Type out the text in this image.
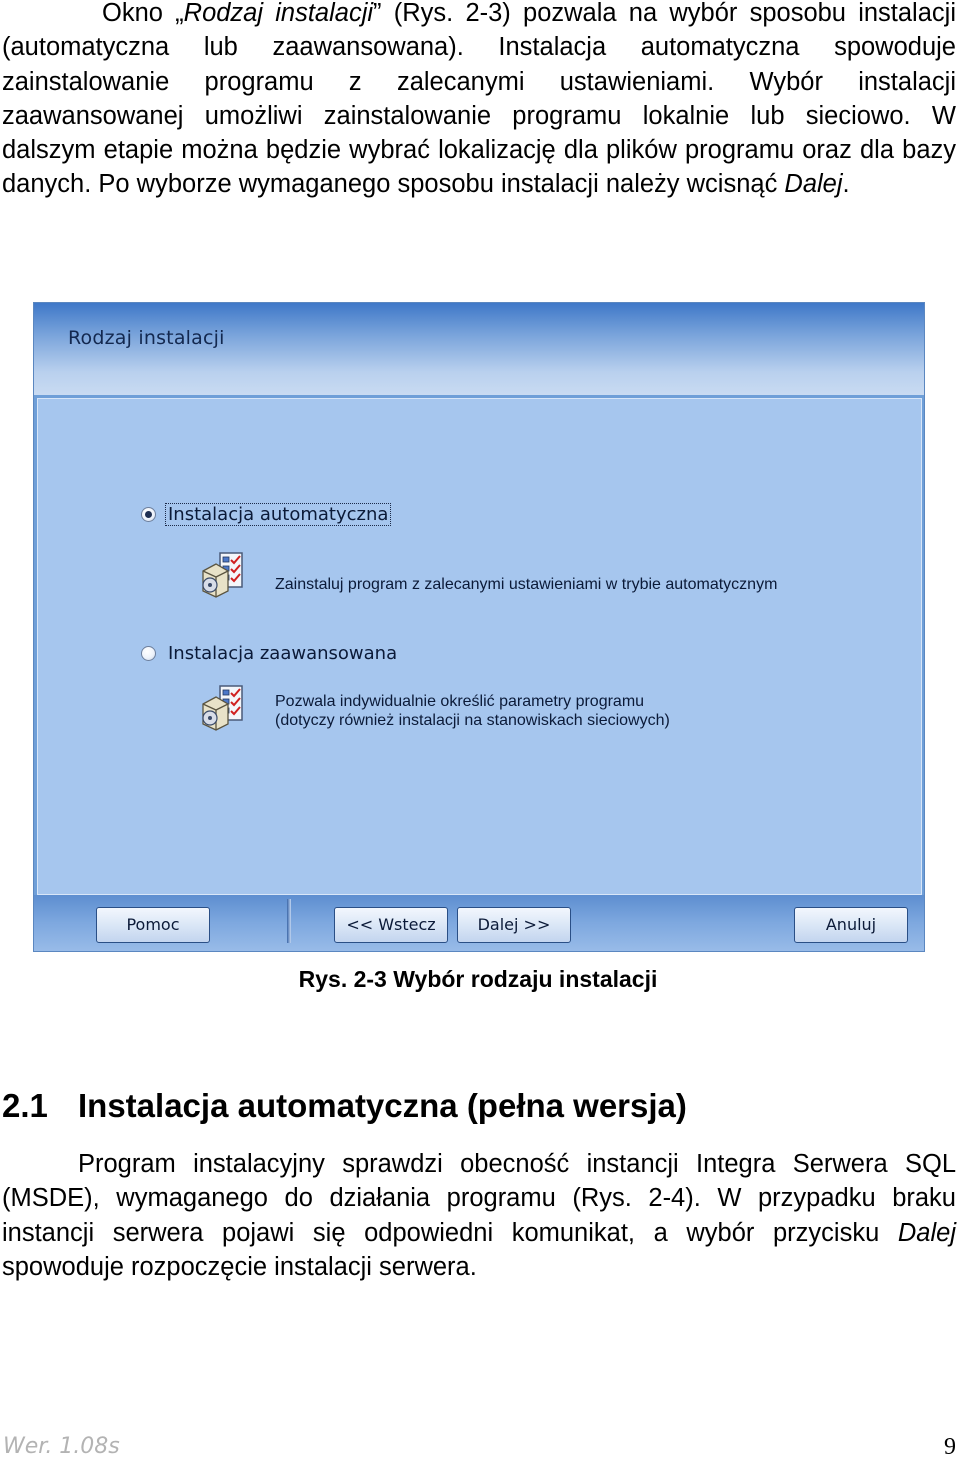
Okno „Rodzaj instalacji” (Rys. 2-3) pozwala na wybór sposobu instalacji (automatyczna lub zaawansowana). Instalacja automatyczna spowoduje zainstalowanie programu z zalecanymi ustawieniami. Wybór instalacji zaawansowanej umożliwi zainstalowanie programu lokalnie lub sieciowo. W dalszym etapie można będzie wybrać lokalizację dla plików programu oraz dla bazy danych. Po wyborze wymaganego sposobu instalacji należy wcisnąć Dalej.

Rodzaj instalacji
Instalacja automatyczna
Zainstaluj program z zalecanymi ustawieniami w trybie automatycznym
Instalacja zaawansowana
Pozwala indywidualnie określić parametry programu
(dotyczy również instalacji na stanowiskach sieciowych)
Pomoc	<< Wstecz	Dalej >>	Anuluj
Rys. 2-3 Wybór rodzaju instalacji
2.1 Instalacja automatyczna (pełna wersja)

Program instalacyjny sprawdzi obecność instancji Integra Serwera SQL (MSDE), wymaganego do działania programu (Rys. 2-4). W przypadku braku instancji serwera pojawi się odpowiedni komunikat, a wybór przycisku Dalej spowoduje rozpoczęcie instalacji serwera.

Wer. 1.08s	9
